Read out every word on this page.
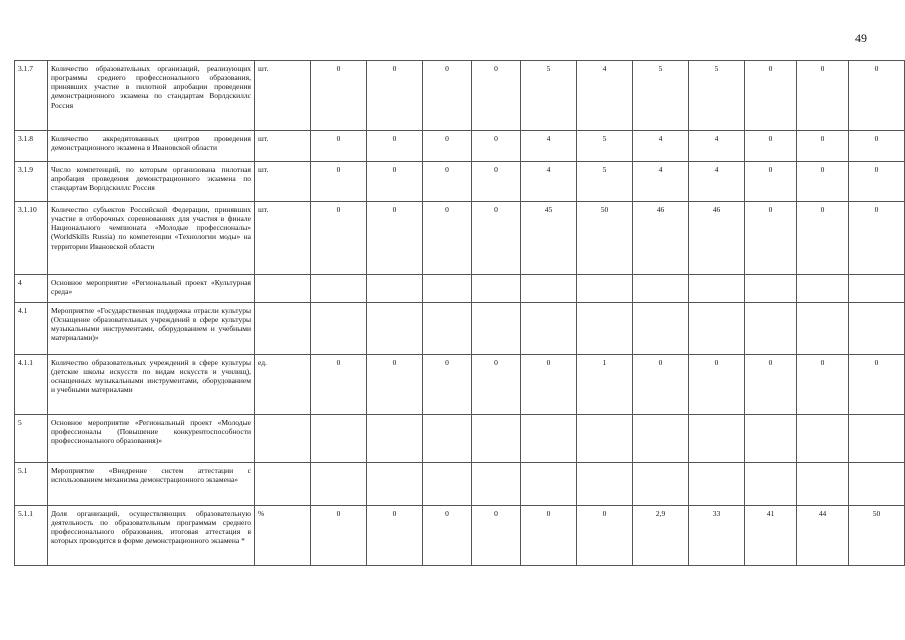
49
3.1.7	Количество образовательных организаций, реализующих программы среднего профессионального образования, принявших участие в пилотной апробации проведения демонстрационного экзамена по стандартам Ворлдскиллс Россия	шт.	0	0	0	0	5	4	5	5	0	0	0
3.1.8	Количество аккредитованных центров проведения демонстрационного экзамена в Ивановской области	шт.	0	0	0	0	4	5	4	4	0	0	0
3.1.9	Число компетенций, по которым организована пилотная апробация проведения демонстрационного экзамена по стандартам Ворлдскиллс Россия	шт.	0	0	0	0	4	5	4	4	0	0	0
3.1.10	Количество субъектов Российской Федерации, принявших участие в отборочных соревнованиях для участия в финале Национального чемпионата «Молодые профессионалы» (WorldSkills Russia) по компетенции «Технологии моды» на территории Ивановской области	шт.	0	0	0	0	45	50	46	46	0	0	0
4	Основное мероприятие «Региональный проект «Культурная среда»												
4.1	Мероприятие «Государственная поддержка отрасли культуры (Оснащение образовательных учреждений в сфере культуры музыкальными инструментами, оборудованием и учебными материалами)»												
4.1.1	Количество образовательных учреждений в сфере культуры (детские школы искусств по видам искусств и училищ), оснащенных музыкальными инструментами, оборудованием и учебными материалами	ед.	0	0	0	0	0	1	0	0	0	0	0
5	Основное мероприятие «Региональный проект «Молодые профессионалы (Повышение конкурентоспособности профессионального образования)»												
5.1	Мероприятие «Внедрение систем аттестации с использованием механизма демонстрационного экзамена»												
5.1.1	Доля организаций, осуществляющих образовательную деятельность по образовательным программам среднего профессионального образования, итоговая аттестация в которых проводится в форме демонстрационного экзамена *	%	0	0	0	0	0	0	2,9	33	41	44	50
